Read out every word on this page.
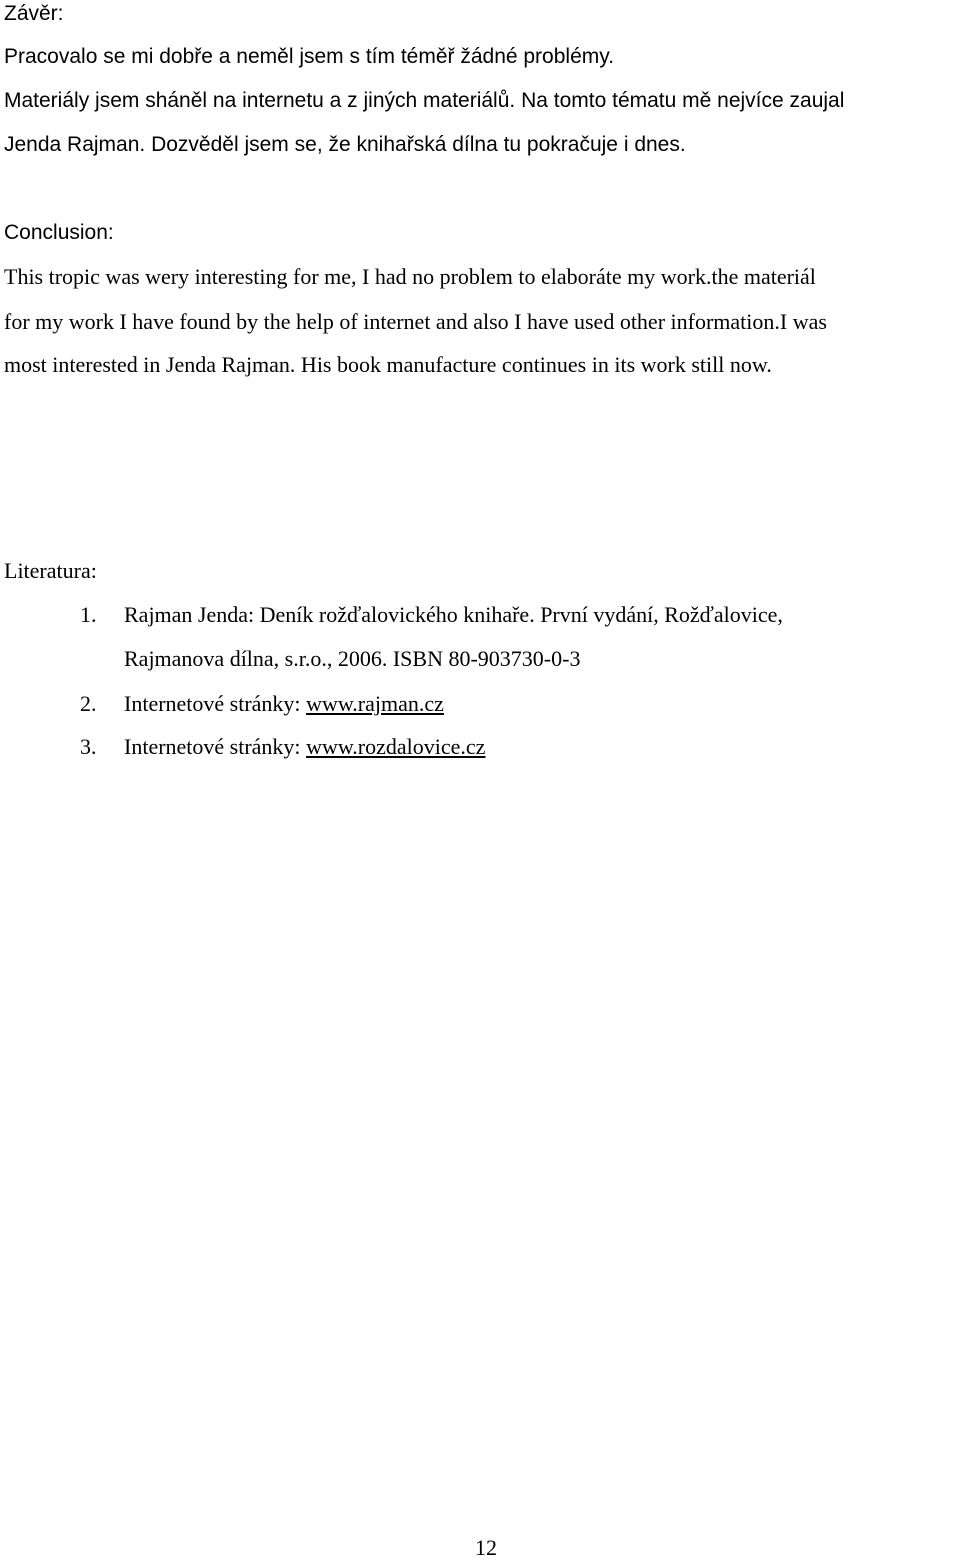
Závěr:
Pracovalo se mi dobře a neměl jsem s tím téměř žádné problémy.
Materiály jsem sháněl na internetu a z jiných materiálů. Na tomto tématu mě nejvíce zaujal
Jenda Rajman. Dozvěděl jsem se, že knihařská dílna tu pokračuje i dnes.
Conclusion:
This tropic was wery interesting for me, I had no problem to elaboráte my work.the materiál
for my work I have found by the help of internet and also I have used other information.I was
most interested in Jenda Rajman. His book manufacture continues in its work still now.
Literatura:
1. Rajman Jenda: Deník rožďalovického knihaře. První vydání, Rožďalovice,
Rajmanova dílna, s.r.o., 2006. ISBN 80-903730-0-3
2. Internetové stránky: www.rajman.cz
3. Internetové stránky: www.rozdalovice.cz
12
